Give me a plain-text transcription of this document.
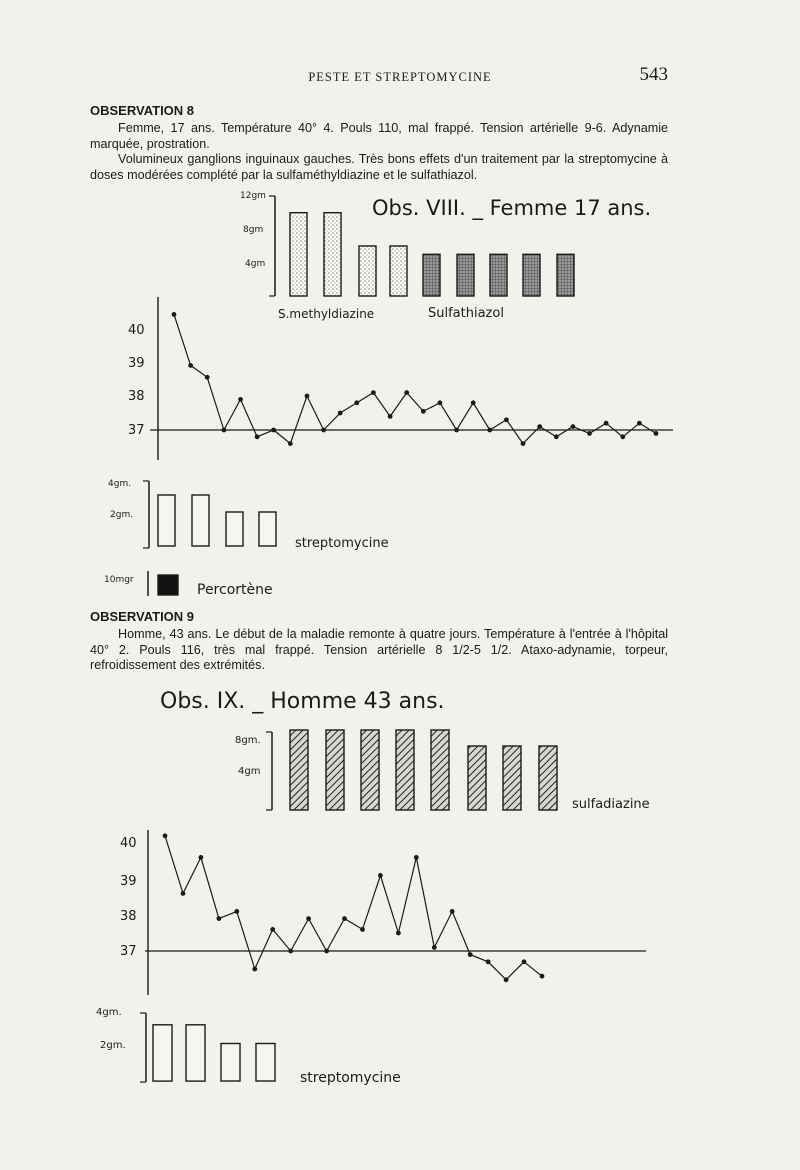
PESTE ET STREPTOMYCINE	543
OBSERVATION 8

Femme, 17 ans. Température 40° 4. Pouls 110, mal frappé. Tension artérielle 9-6. Adynamie marquée, prostration.

Volumineux ganglions inguinaux gauches. Très bons effets d'un traitement par la streptomycine à doses modérées complété par la sulfaméthyldiazine et le sulfathiazol.

OBSERVATION 9

Homme, 43 ans. Le début de la maladie remonte à quatre jours. Température à l'entrée à l'hôpital 40° 2. Pouls 116, très mal frappé. Tension artérielle 8 1/2-5 1/2. Ataxo-adynamie, torpeur, refroidissement des extrémités.

Obs. VIII. _ Femme 17 ans.
12gm
8gm
4gm
S.methyldiazine	Sulfathiazol
40
39
38
37
4gm.
2gm.
streptomycine
10mgr
Percortène
Obs. IX. _ Homme 43 ans.
8gm.
4gm
sulfadiazine
40
39
38
37
4gm.
2gm.
streptomycine
